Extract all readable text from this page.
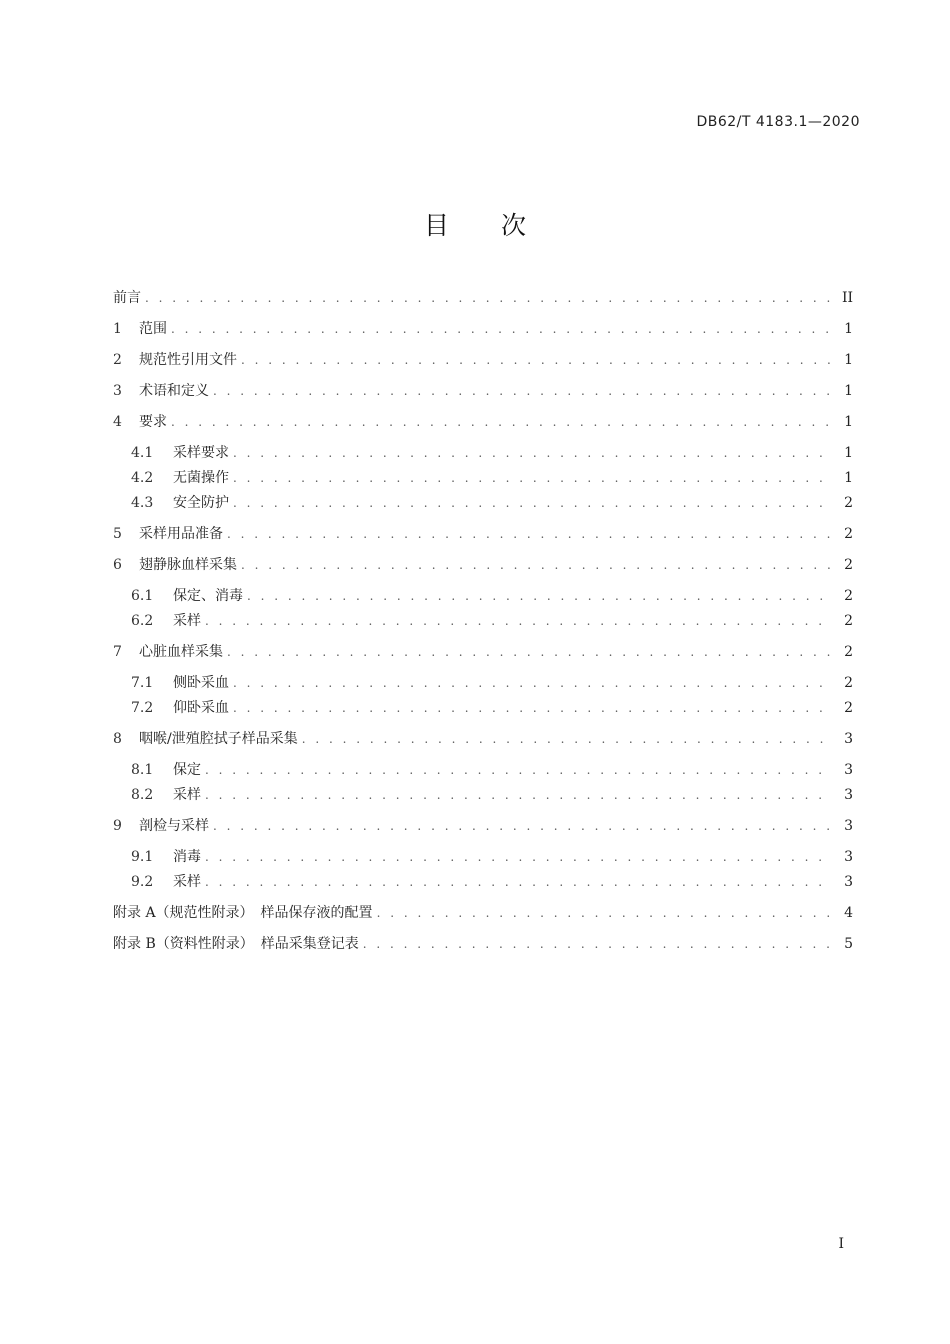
DB62/T 4183.1—2020
目次
前言 . . .	II
1	范围 . . .	1
2	规范性引用文件 . . .	1
3	术语和定义 . . .	1
4	要求 . . .	1
4.1	采样要求 . . .	1
4.2	无菌操作 . . .	1
4.3	安全防护 . . .	2
5	采样用品准备 . . .	2
6	翅静脉血样采集 . . .	2
6.1	保定、消毒 . . .	2
6.2	采样 . . .	2
7	心脏血样采集 . . .	2
7.1	侧卧采血 . . .	2
7.2	仰卧采血 . . .	2
8	咽喉/泄殖腔拭子样品采集 . . .	3
8.1	保定 . . .	3
8.2	采样 . . .	3
9	剖检与采样 . . .	3
9.1	消毒 . . .	3
9.2	采样 . . .	3
附录 A（规范性附录）　样品保存液的配置 . . .	4
附录 B（资料性附录）　样品采集登记表 . . .	5
I
